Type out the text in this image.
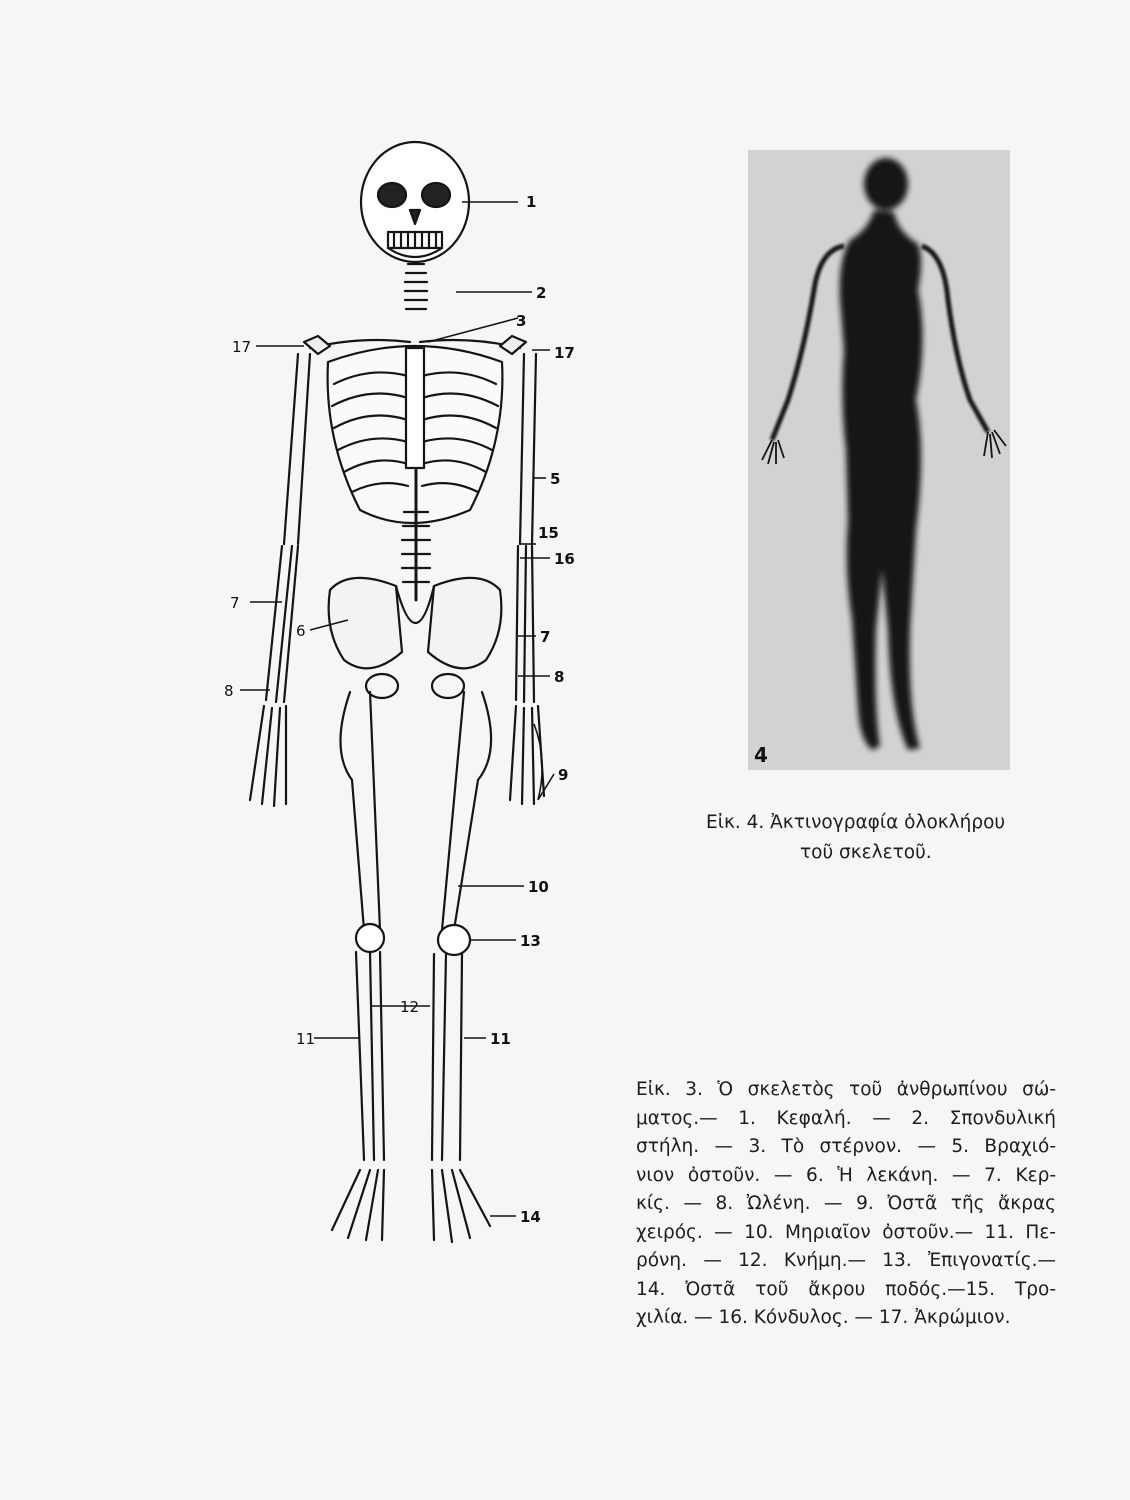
1
2
3
17	17
5
15
16
7
6	7
8
8
9
10
13
12
11	11
14
4
Εἰκ. 4. Ἀκτινογραφία ὁλοκλήρου
τοῦ σκελετοῦ.
Εἰκ. 3. Ὁ σκελετὸς τοῦ ἀνθρωπίνου σώ-
ματος.— 1. Κεφαλή. — 2. Σπονδυλική
στήλη. — 3. Τὸ στέρνον. — 5. Βραχιό-
νιον ὀστοῦν. — 6. Ἡ λεκάνη. — 7. Κερ-
κίς. — 8. Ὠλένη. — 9. Ὀστᾶ τῆς ἄκρας
χειρός. — 10. Μηριαῖον ὀστοῦν.— 11. Πε-
ρόνη. — 12. Κνήμη.— 13. Ἐπιγονατίς.—
14. Ὀστᾶ τοῦ ἄκρου ποδός.—15. Τρο-
χιλία. — 16. Κόνδυλος. — 17. Ἀκρώμιον.
